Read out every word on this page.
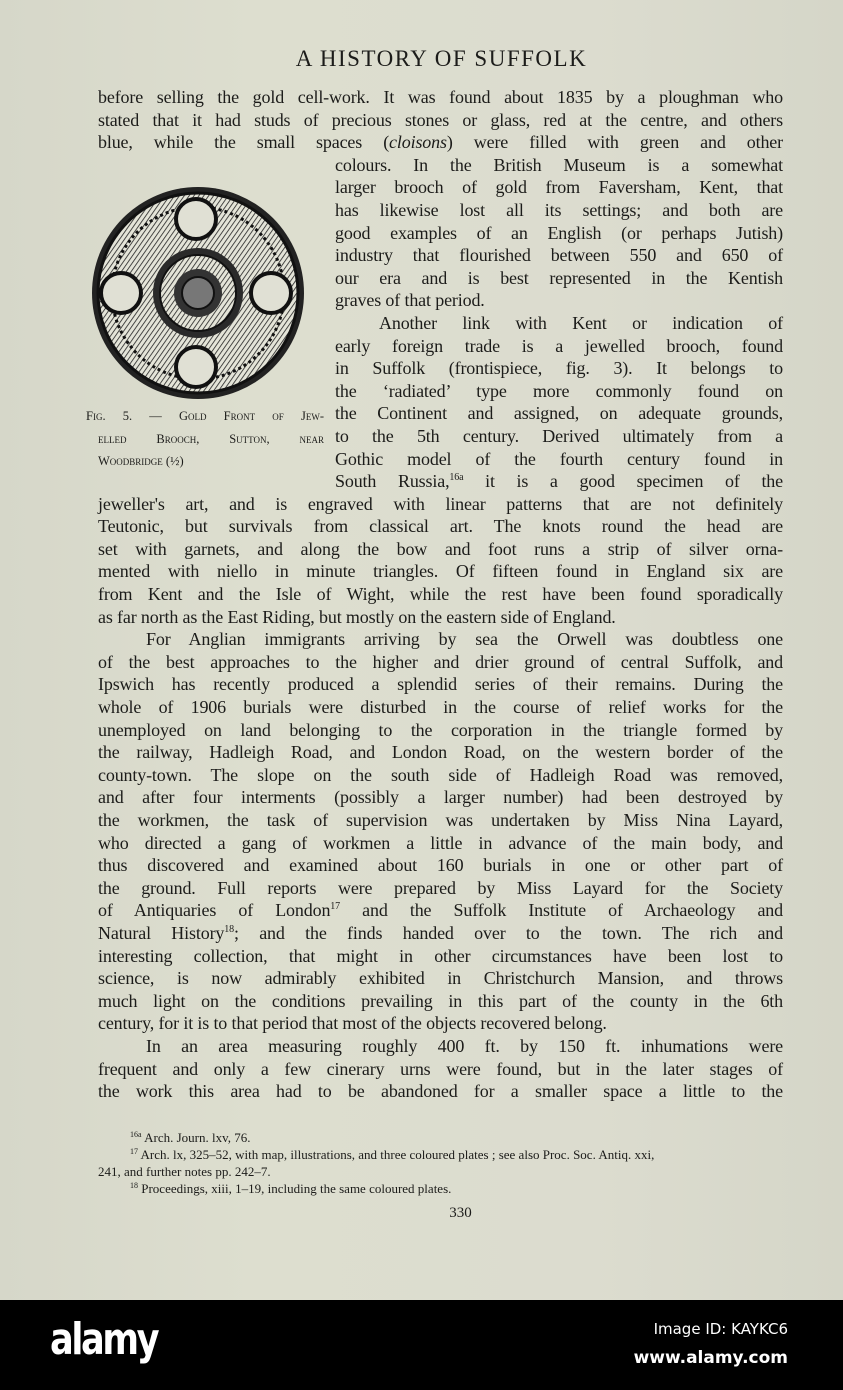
A HISTORY OF SUFFOLK
Fig. 5. — Gold Front of Jew-
elled Brooch, Sutton, near
Woodbridge (½)
before selling the gold cell-work. It was found about 1835 by a ploughman who
stated that it had studs of precious stones or glass, red at the centre, and others
blue, while the small spaces (cloisons) were filled with green and other
colours. In the British Museum is a somewhat
larger brooch of gold from Faversham, Kent, that
has likewise lost all its settings; and both are
good examples of an English (or perhaps Jutish)
industry that flourished between 550 and 650 of
our era and is best represented in the Kentish
graves of that period.
Another link with Kent or indication of
early foreign trade is a jewelled brooch, found
in Suffolk (frontispiece, fig. 3). It belongs to
the ‘radiated’ type more commonly found on
the Continent and assigned, on adequate grounds,
to the 5th century. Derived ultimately from a
Gothic model of the fourth century found in
South Russia,$^{16a}$ it is a good specimen of the
jeweller's art, and is engraved with linear patterns that are not definitely
Teutonic, but survivals from classical art. The knots round the head are
set with garnets, and along the bow and foot runs a strip of silver orna-
mented with niello in minute triangles. Of fifteen found in England six are
from Kent and the Isle of Wight, while the rest have been found sporadically
as far north as the East Riding, but mostly on the eastern side of England.
For Anglian immigrants arriving by sea the Orwell was doubtless one
of the best approaches to the higher and drier ground of central Suffolk, and
Ipswich has recently produced a splendid series of their remains. During the
whole of 1906 burials were disturbed in the course of relief works for the
unemployed on land belonging to the corporation in the triangle formed by
the railway, Hadleigh Road, and London Road, on the western border of the
county-town. The slope on the south side of Hadleigh Road was removed,
and after four interments (possibly a larger number) had been destroyed by
the workmen, the task of supervision was undertaken by Miss Nina Layard,
who directed a gang of workmen a little in advance of the main body, and
thus discovered and examined about 160 burials in one or other part of
the ground. Full reports were prepared by Miss Layard for the Society
of Antiquaries of London$^{17}$ and the Suffolk Institute of Archaeology and
Natural History$^{18}$; and the finds handed over to the town. The rich and
interesting collection, that might in other circumstances have been lost to
science, is now admirably exhibited in Christchurch Mansion, and throws
much light on the conditions prevailing in this part of the county in the 6th
century, for it is to that period that most of the objects recovered belong.
In an area measuring roughly 400 ft. by 150 ft. inhumations were
frequent and only a few cinerary urns were found, but in the later stages of
the work this area had to be abandoned for a smaller space a little to the
$^{16a}$ Arch. Journ. lxv, 76.
$^{17}$ Arch. lx, 325–52, with map, illustrations, and three coloured plates ; see also Proc. Soc. Antiq. xxi,
241, and further notes pp. 242–7.
$^{18}$ Proceedings, xiii, 1–19, including the same coloured plates.
330
alamy	Image ID: KAYKC6
www.alamy.com
